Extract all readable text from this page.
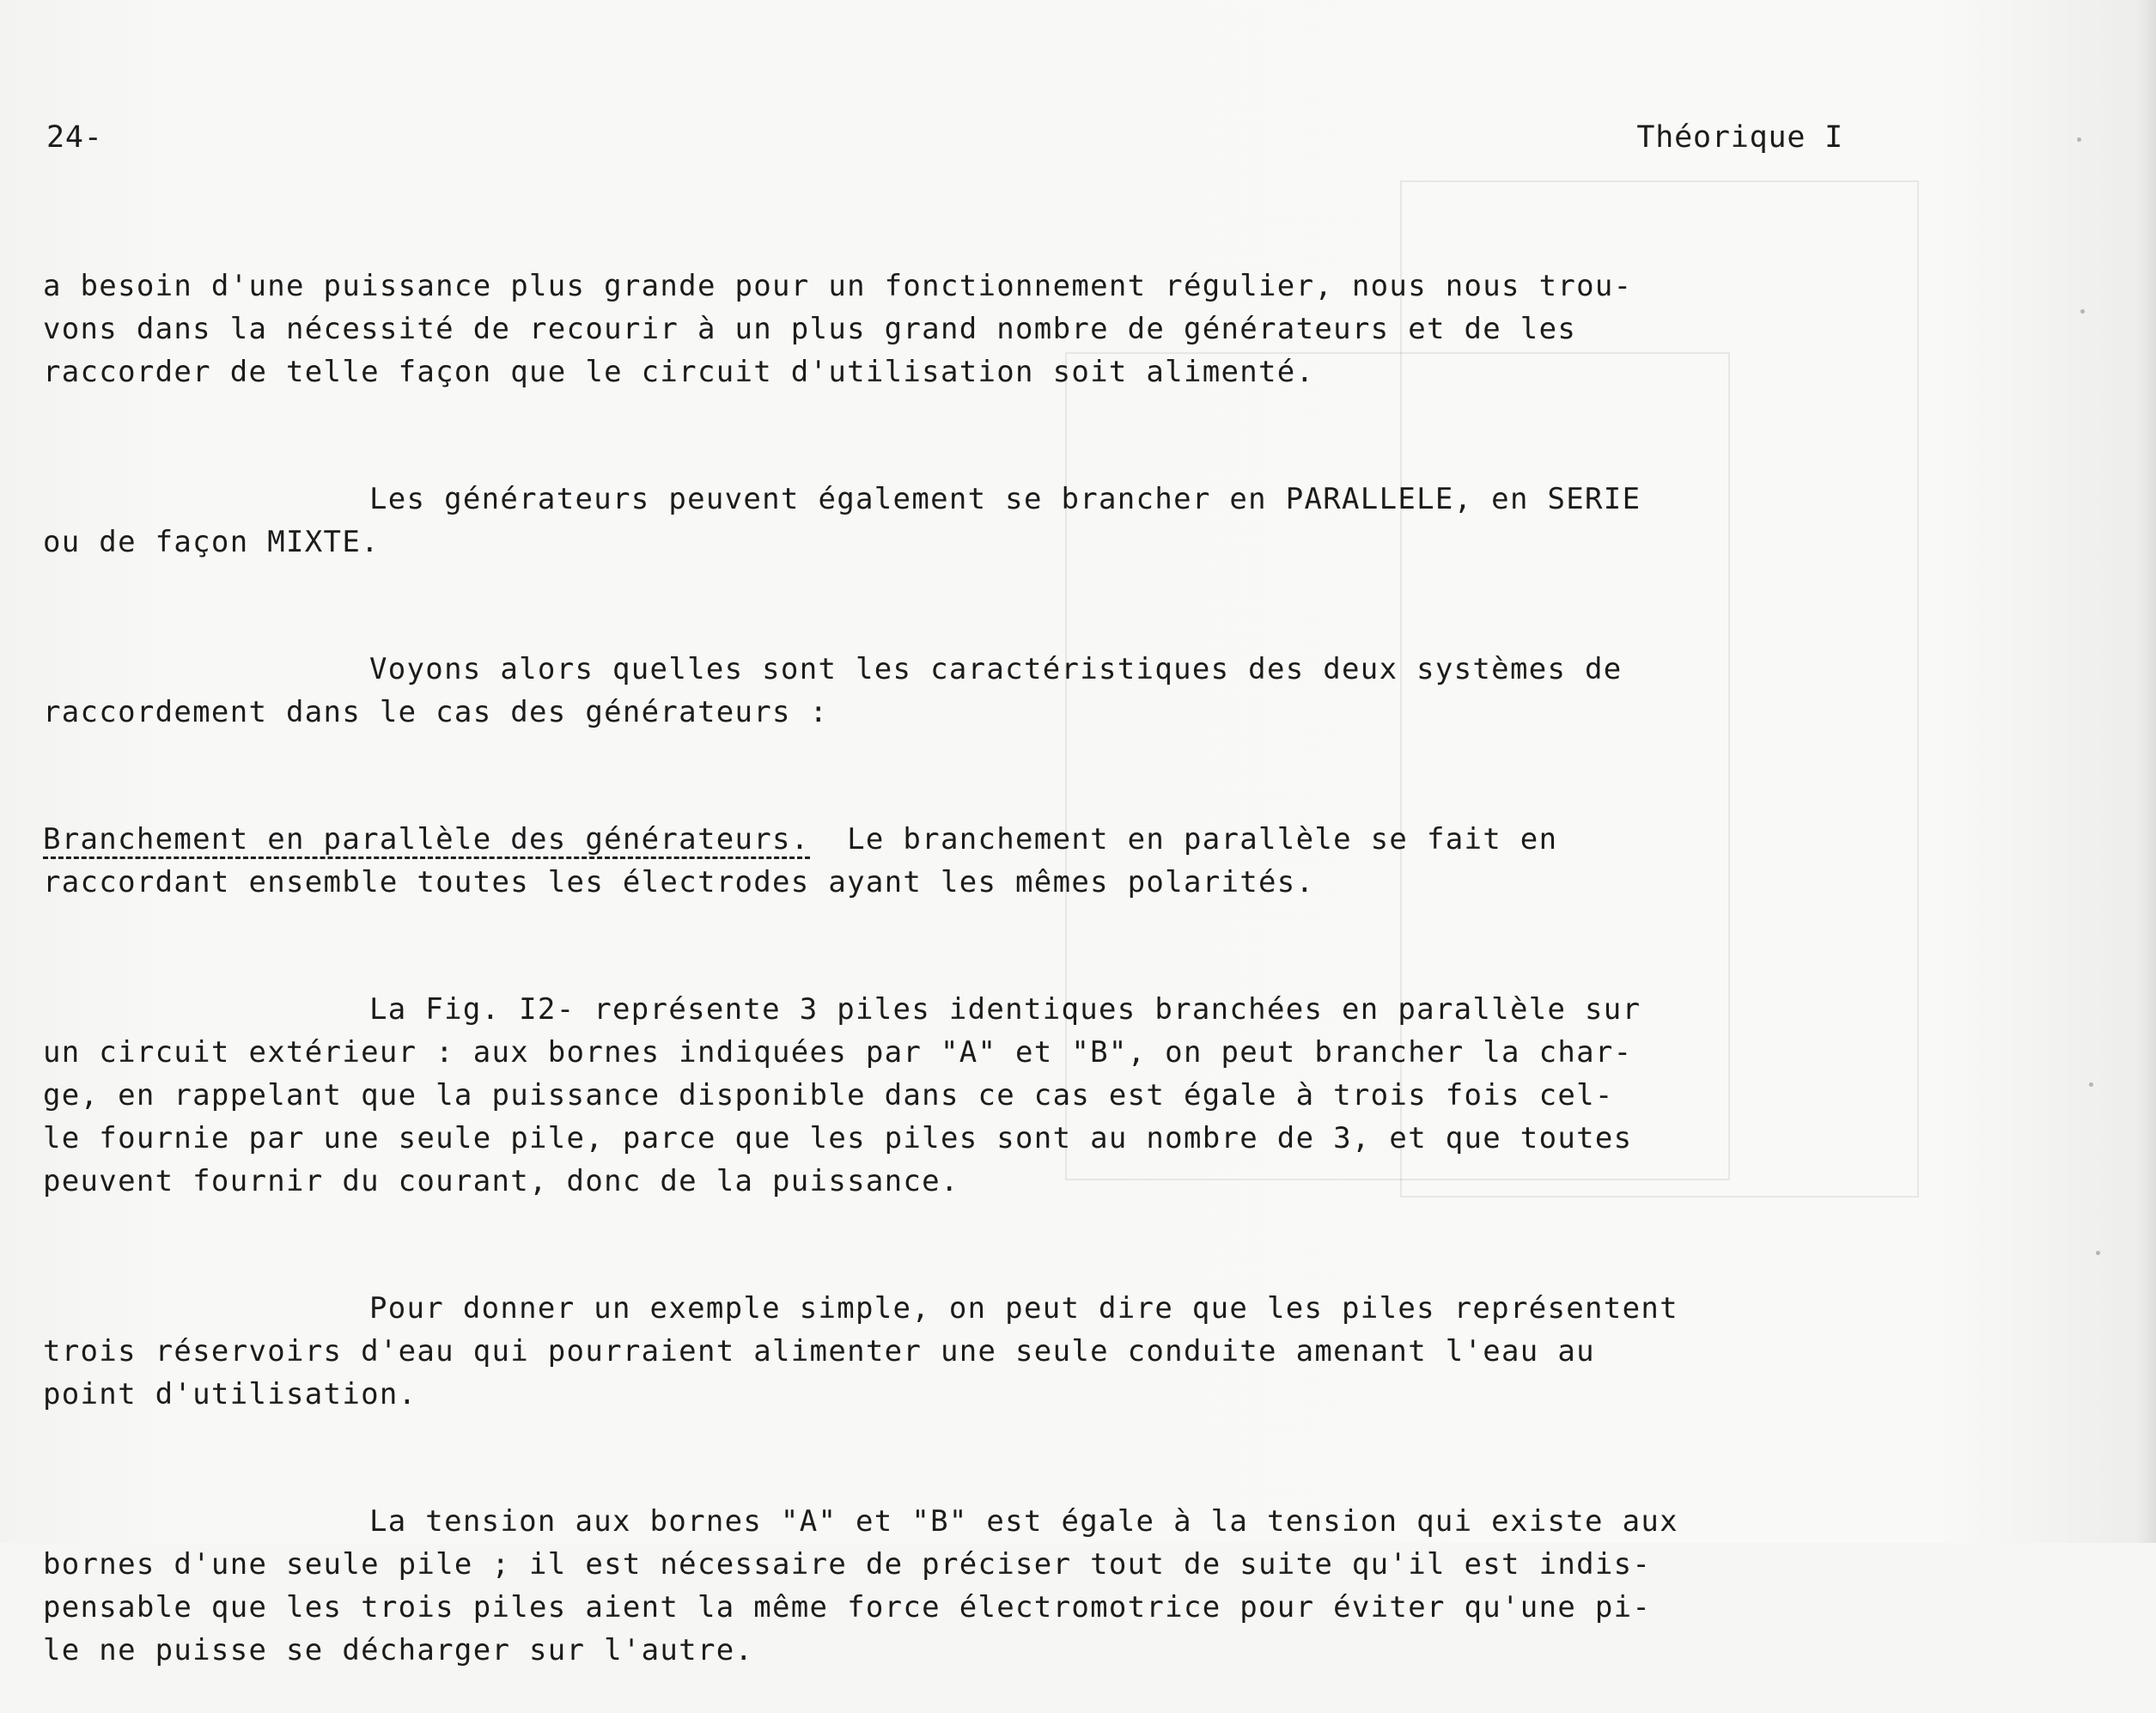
24-	Théorique I

a besoin d'une puissance plus grande pour un fonctionnement régulier, nous nous trou-
vons dans la nécessité de recourir à un plus grand nombre de générateurs et de les
raccorder de telle façon que le circuit d'utilisation soit alimenté.

Les générateurs peuvent également se brancher en PARALLELE, en SERIE
ou de façon MIXTE.

Voyons alors quelles sont les caractéristiques des deux systèmes de
raccordement dans le cas des générateurs :

Branchement en parallèle des générateurs.  Le branchement en parallèle se fait en
raccordant ensemble toutes les électrodes ayant les mêmes polarités.

La Fig. I2- représente 3 piles identiques branchées en parallèle sur
un circuit extérieur : aux bornes indiquées par "A" et "B", on peut brancher la char-
ge, en rappelant que la puissance disponible dans ce cas est égale à trois fois cel-
le fournie par une seule pile, parce que les piles sont au nombre de 3, et que toutes
peuvent fournir du courant, donc de la puissance.

Pour donner un exemple simple, on peut dire que les piles représentent
trois réservoirs d'eau qui pourraient alimenter une seule conduite amenant l'eau au
point d'utilisation.

La tension aux bornes "A" et "B" est égale à la tension qui existe aux
bornes d'une seule pile ; il est nécessaire de préciser tout de suite qu'il est indis-
pensable que les trois piles aient la même force électromotrice pour éviter qu'une pi-
le ne puisse se décharger sur l'autre.
